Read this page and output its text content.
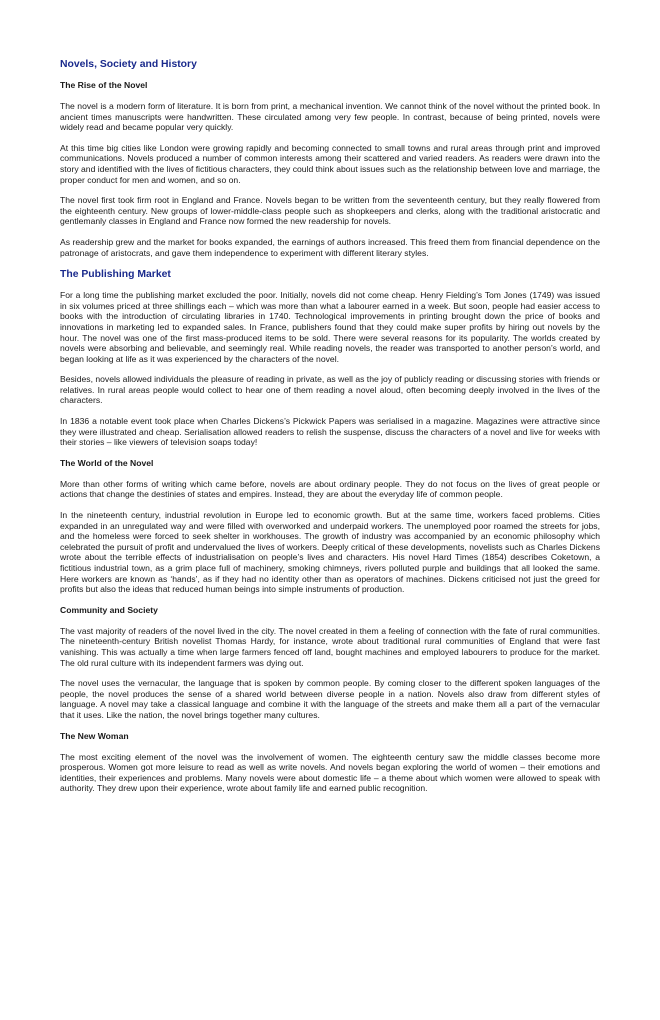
Novels, Society and History
The Rise of the Novel

The novel is a modern form of literature. It is born from print, a mechanical invention. We cannot think of the novel without the printed book. In ancient times manuscripts were handwritten. These circulated among very few people. In contrast, because of being printed, novels were widely read and became popular very quickly.

At this time big cities like London were growing rapidly and becoming connected to small towns and rural areas through print and improved communications. Novels produced a number of common interests among their scattered and varied readers. As readers were drawn into the story and identified with the lives of fictitious characters, they could think about issues such as the relationship between love and marriage, the proper conduct for men and women, and so on.

The novel first took firm root in England and France. Novels began to be written from the seventeenth century, but they really flowered from the eighteenth century. New groups of lower-middle-class people such as shopkeepers and clerks, along with the traditional aristocratic and gentlemanly classes in England and France now formed the new readership for novels.

As readership grew and the market for books expanded, the earnings of authors increased. This freed them from financial dependence on the patronage of aristocrats, and gave them independence to experiment with different literary styles.

The Publishing Market

For a long time the publishing market excluded the poor. Initially, novels did not come cheap. Henry Fielding’s Tom Jones (1749) was issued in six volumes priced at three shillings each – which was more than what a labourer earned in a week. But soon, people had easier access to books with the introduction of circulating libraries in 1740. Technological improvements in printing brought down the price of books and innovations in marketing led to expanded sales. In France, publishers found that they could make super profits by hiring out novels by the hour. The novel was one of the first mass-produced items to be sold. There were several reasons for its popularity. The worlds created by novels were absorbing and believable, and seemingly real. While reading novels, the reader was transported to another person’s world, and began looking at life as it was experienced by the characters of the novel.

Besides, novels allowed individuals the pleasure of reading in private, as well as the joy of publicly reading or discussing stories with friends or relatives. In rural areas people would collect to hear one of them reading a novel aloud, often becoming deeply involved in the lives of the characters.

In 1836 a notable event took place when Charles Dickens’s Pickwick Papers was serialised in a magazine. Magazines were attractive since they were illustrated and cheap. Serialisation allowed readers to relish the suspense, discuss the characters of a novel and live for weeks with their stories – like viewers of television soaps today!

The World of the Novel

More than other forms of writing which came before, novels are about ordinary people. They do not focus on the lives of great people or actions that change the destinies of states and empires. Instead, they are about the everyday life of common people.

In the nineteenth century, industrial revolution in Europe led to economic growth. But at the same time, workers faced problems. Cities expanded in an unregulated way and were filled with overworked and underpaid workers. The unemployed poor roamed the streets for jobs, and the homeless were forced to seek shelter in workhouses. The growth of industry was accompanied by an economic philosophy which celebrated the pursuit of profit and undervalued the lives of workers. Deeply critical of these developments, novelists such as Charles Dickens wrote about the terrible effects of industrialisation on people’s lives and characters. His novel Hard Times (1854) describes Coketown, a fictitious industrial town, as a grim place full of machinery, smoking chimneys, rivers polluted purple and buildings that all looked the same. Here workers are known as ‘hands’, as if they had no identity other than as operators of machines. Dickens criticised not just the greed for profits but also the ideas that reduced human beings into simple instruments of production.

Community and Society

The vast majority of readers of the novel lived in the city. The novel created in them a feeling of connection with the fate of rural communities. The nineteenth-century British novelist Thomas Hardy, for instance, wrote about traditional rural communities of England that were fast vanishing. This was actually a time when large farmers fenced off land, bought machines and employed labourers to produce for the market. The old rural culture with its independent farmers was dying out.

The novel uses the vernacular, the language that is spoken by common people. By coming closer to the different spoken languages of the people, the novel produces the sense of a shared world between diverse people in a nation. Novels also draw from different styles of language. A novel may take a classical language and combine it with the language of the streets and make them all a part of the vernacular that it uses. Like the nation, the novel brings together many cultures.

The New Woman

The most exciting element of the novel was the involvement of women. The eighteenth century saw the middle classes become more prosperous. Women got more leisure to read as well as write novels. And novels began exploring the world of women – their emotions and identities, their experiences and problems. Many novels were about domestic life – a theme about which women were allowed to speak with authority. They drew upon their experience, wrote about family life and earned public recognition.
